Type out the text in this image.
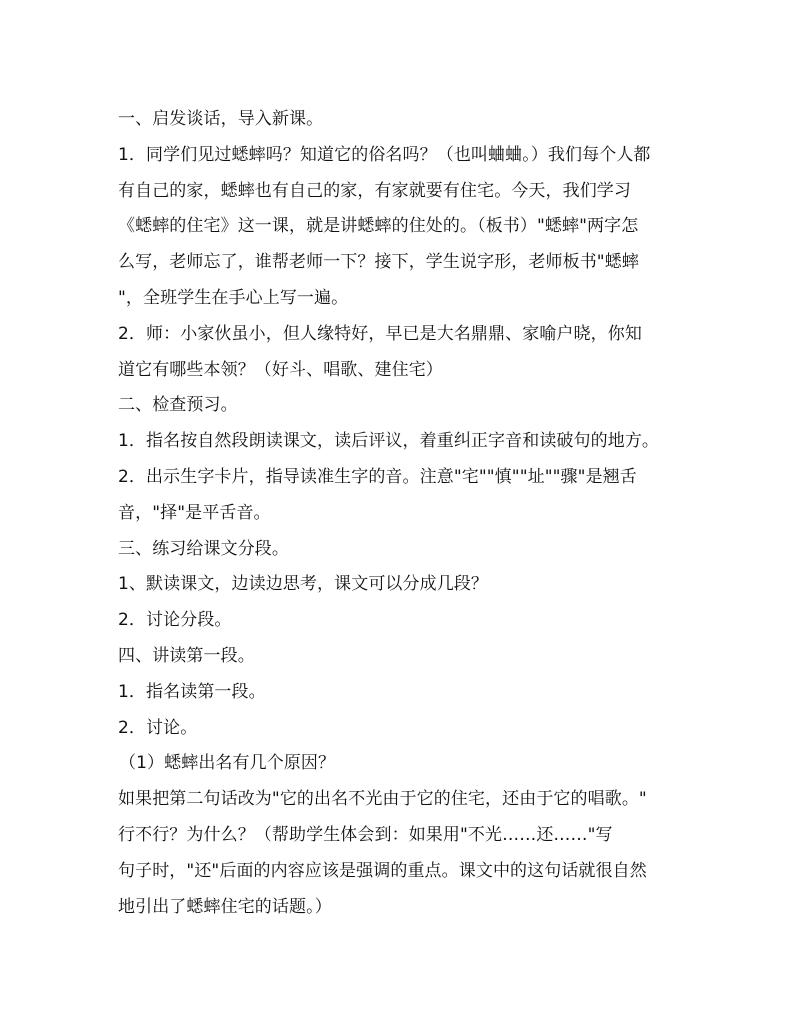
一、启发谈话，导入新课。
1．同学们见过蟋蟀吗？知道它的俗名吗？（也叫蛐蛐。）我们每个人都
有自己的家，蟋蟀也有自己的家，有家就要有住宅。今天，我们学习
《蟋蟀的住宅》这一课，就是讲蟋蟀的住处的。（板书）"蟋蟀"两字怎
么写，老师忘了，谁帮老师一下？接下，学生说字形，老师板书"蟋蟀
"，全班学生在手心上写一遍。
2．师：小家伙虽小，但人缘特好，早已是大名鼎鼎、家喻户晓，你知
道它有哪些本领？（好斗、唱歌、建住宅）
二、检查预习。
1．指名按自然段朗读课文，读后评议，着重纠正字音和读破句的地方。
2．出示生字卡片，指导读准生字的音。注意"宅""慎""址""骤"是翘舌
音，"择"是平舌音。
三、练习给课文分段。
1、默读课文，边读边思考，课文可以分成几段？
2．讨论分段。
四、讲读第一段。
1．指名读第一段。
2．讨论。
（1）蟋蟀出名有几个原因？
如果把第二句话改为"它的出名不光由于它的住宅，还由于它的唱歌。"
行不行？为什么？（帮助学生体会到：如果用"不光……还……"写
句子时，"还"后面的内容应该是强调的重点。课文中的这句话就很自然
地引出了蟋蟀住宅的话题。）
